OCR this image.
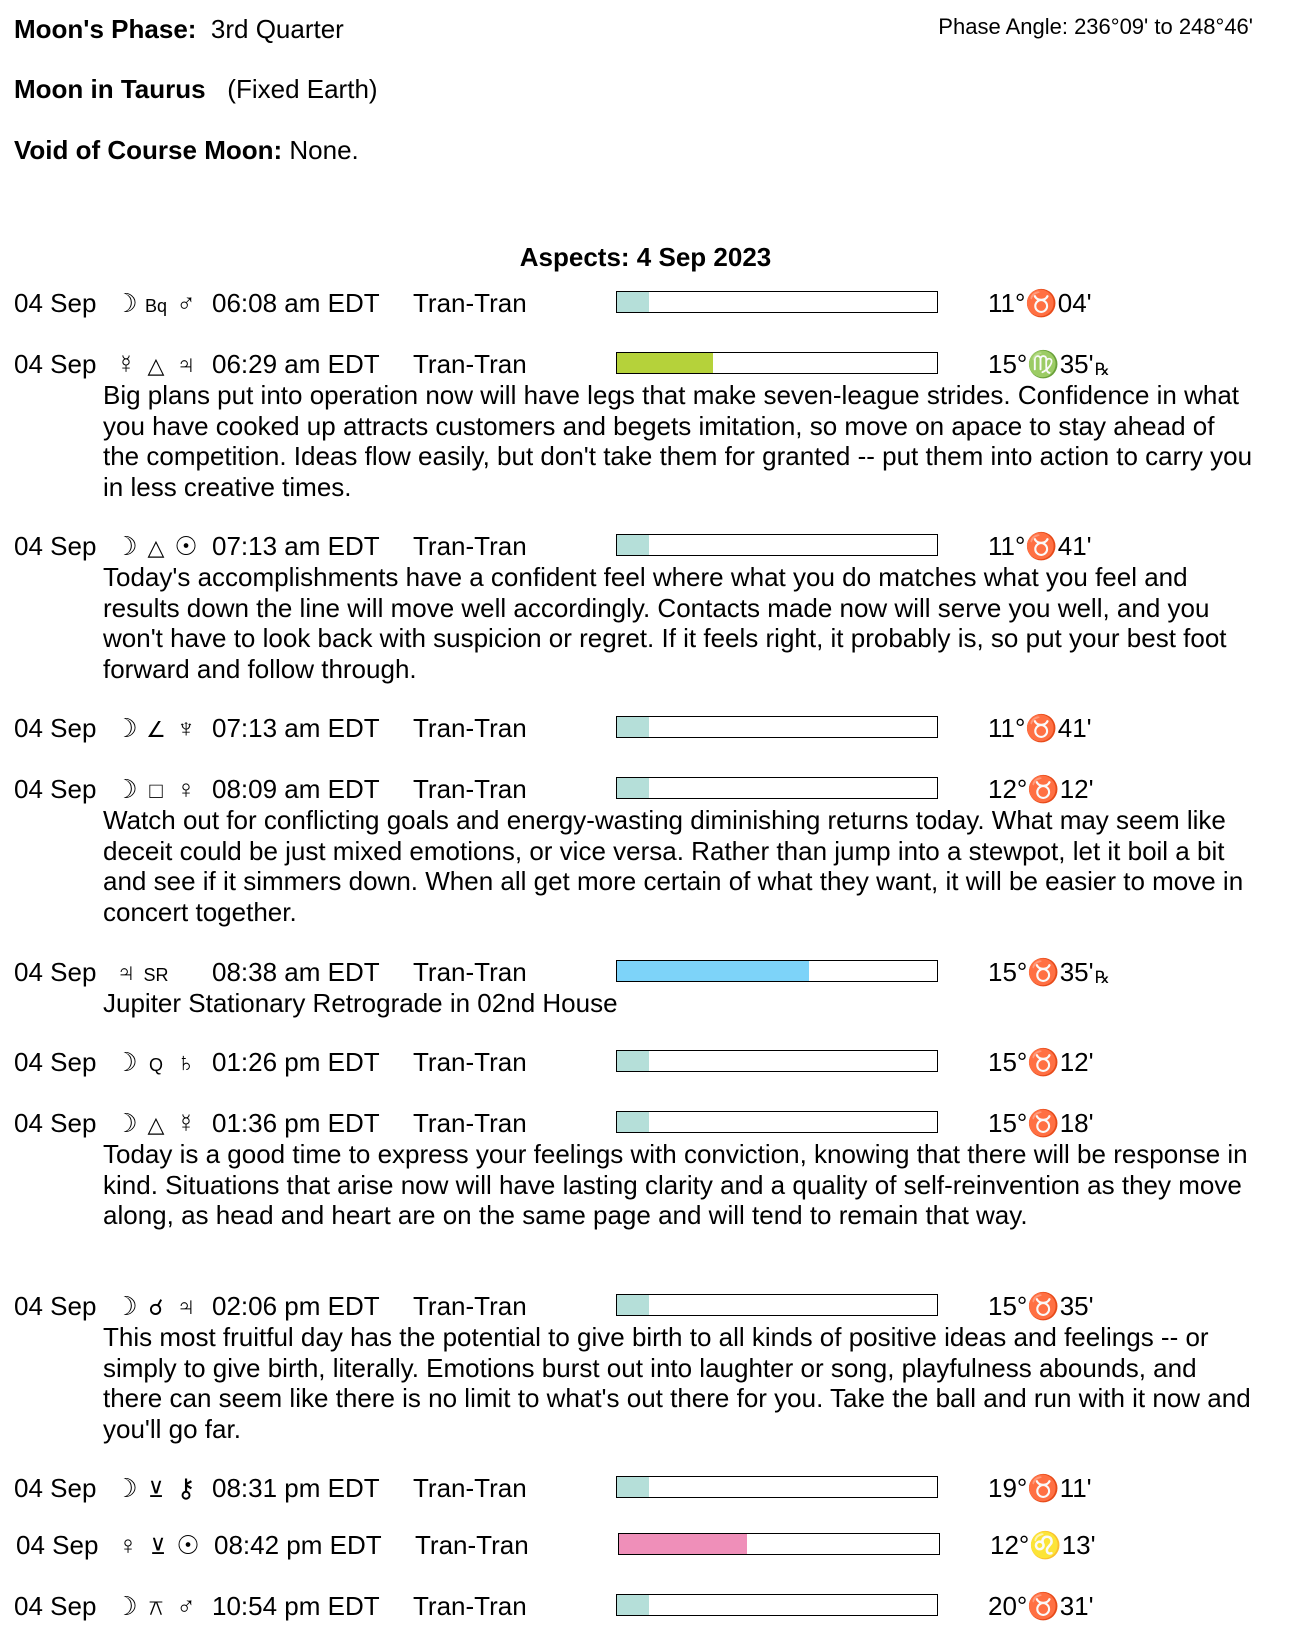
Moon's Phase: 3rd Quarter	Phase Angle: 236°09' to 248°46'
Moon in Taurus (Fixed Earth)
Void of Course Moon: None.
Aspects: 4 Sep 2023
04 Sep ☽ Bq ♂ 06:08 am EDT Tran-Tran	11°♉04'
04 Sep ☿ △ ♃ 06:29 am EDT Tran-Tran	15°♍35'℞
Big plans put into operation now will have legs that make seven-league strides. Confidence in what you have cooked up attracts customers and begets imitation, so move on apace to stay ahead of the competition. Ideas flow easily, but don't take them for granted -- put them into action to carry you in less creative times.
04 Sep ☽ △ ☉ 07:13 am EDT Tran-Tran	11°♉41'
Today's accomplishments have a confident feel where what you do matches what you feel and results down the line will move well accordingly. Contacts made now will serve you well, and you won't have to look back with suspicion or regret. If it feels right, it probably is, so put your best foot forward and follow through.
04 Sep ☽ ∠ ♆ 07:13 am EDT Tran-Tran	11°♉41'
04 Sep ☽ □ ♀ 08:09 am EDT Tran-Tran	12°♉12'
Watch out for conflicting goals and energy-wasting diminishing returns today. What may seem like deceit could be just mixed emotions, or vice versa. Rather than jump into a stewpot, let it boil a bit and see if it simmers down. When all get more certain of what they want, it will be easier to move in concert together.
04 Sep ♃ SR	08:38 am EDT Tran-Tran	15°♉35'℞
Jupiter Stationary Retrograde in 02nd House
04 Sep ☽ Q ♄ 01:26 pm EDT Tran-Tran	15°♉12'
04 Sep ☽ △ ☿ 01:36 pm EDT Tran-Tran	15°♉18'
Today is a good time to express your feelings with conviction, knowing that there will be response in kind. Situations that arise now will have lasting clarity and a quality of self-reinvention as they move along, as head and heart are on the same page and will tend to remain that way.
04 Sep ☽ ☌ ♃ 02:06 pm EDT Tran-Tran	15°♉35'
This most fruitful day has the potential to give birth to all kinds of positive ideas and feelings -- or simply to give birth, literally. Emotions burst out into laughter or song, playfulness abounds, and there can seem like there is no limit to what's out there for you. Take the ball and run with it now and you'll go far.
04 Sep ☽ ⊻ ⚷ 08:31 pm EDT Tran-Tran	19°♉11'
04 Sep ♀ ⊻ ☉ 08:42 pm EDT Tran-Tran	12°♌13'
04 Sep ☽ ⚻ ♂ 10:54 pm EDT Tran-Tran	20°♉31'
